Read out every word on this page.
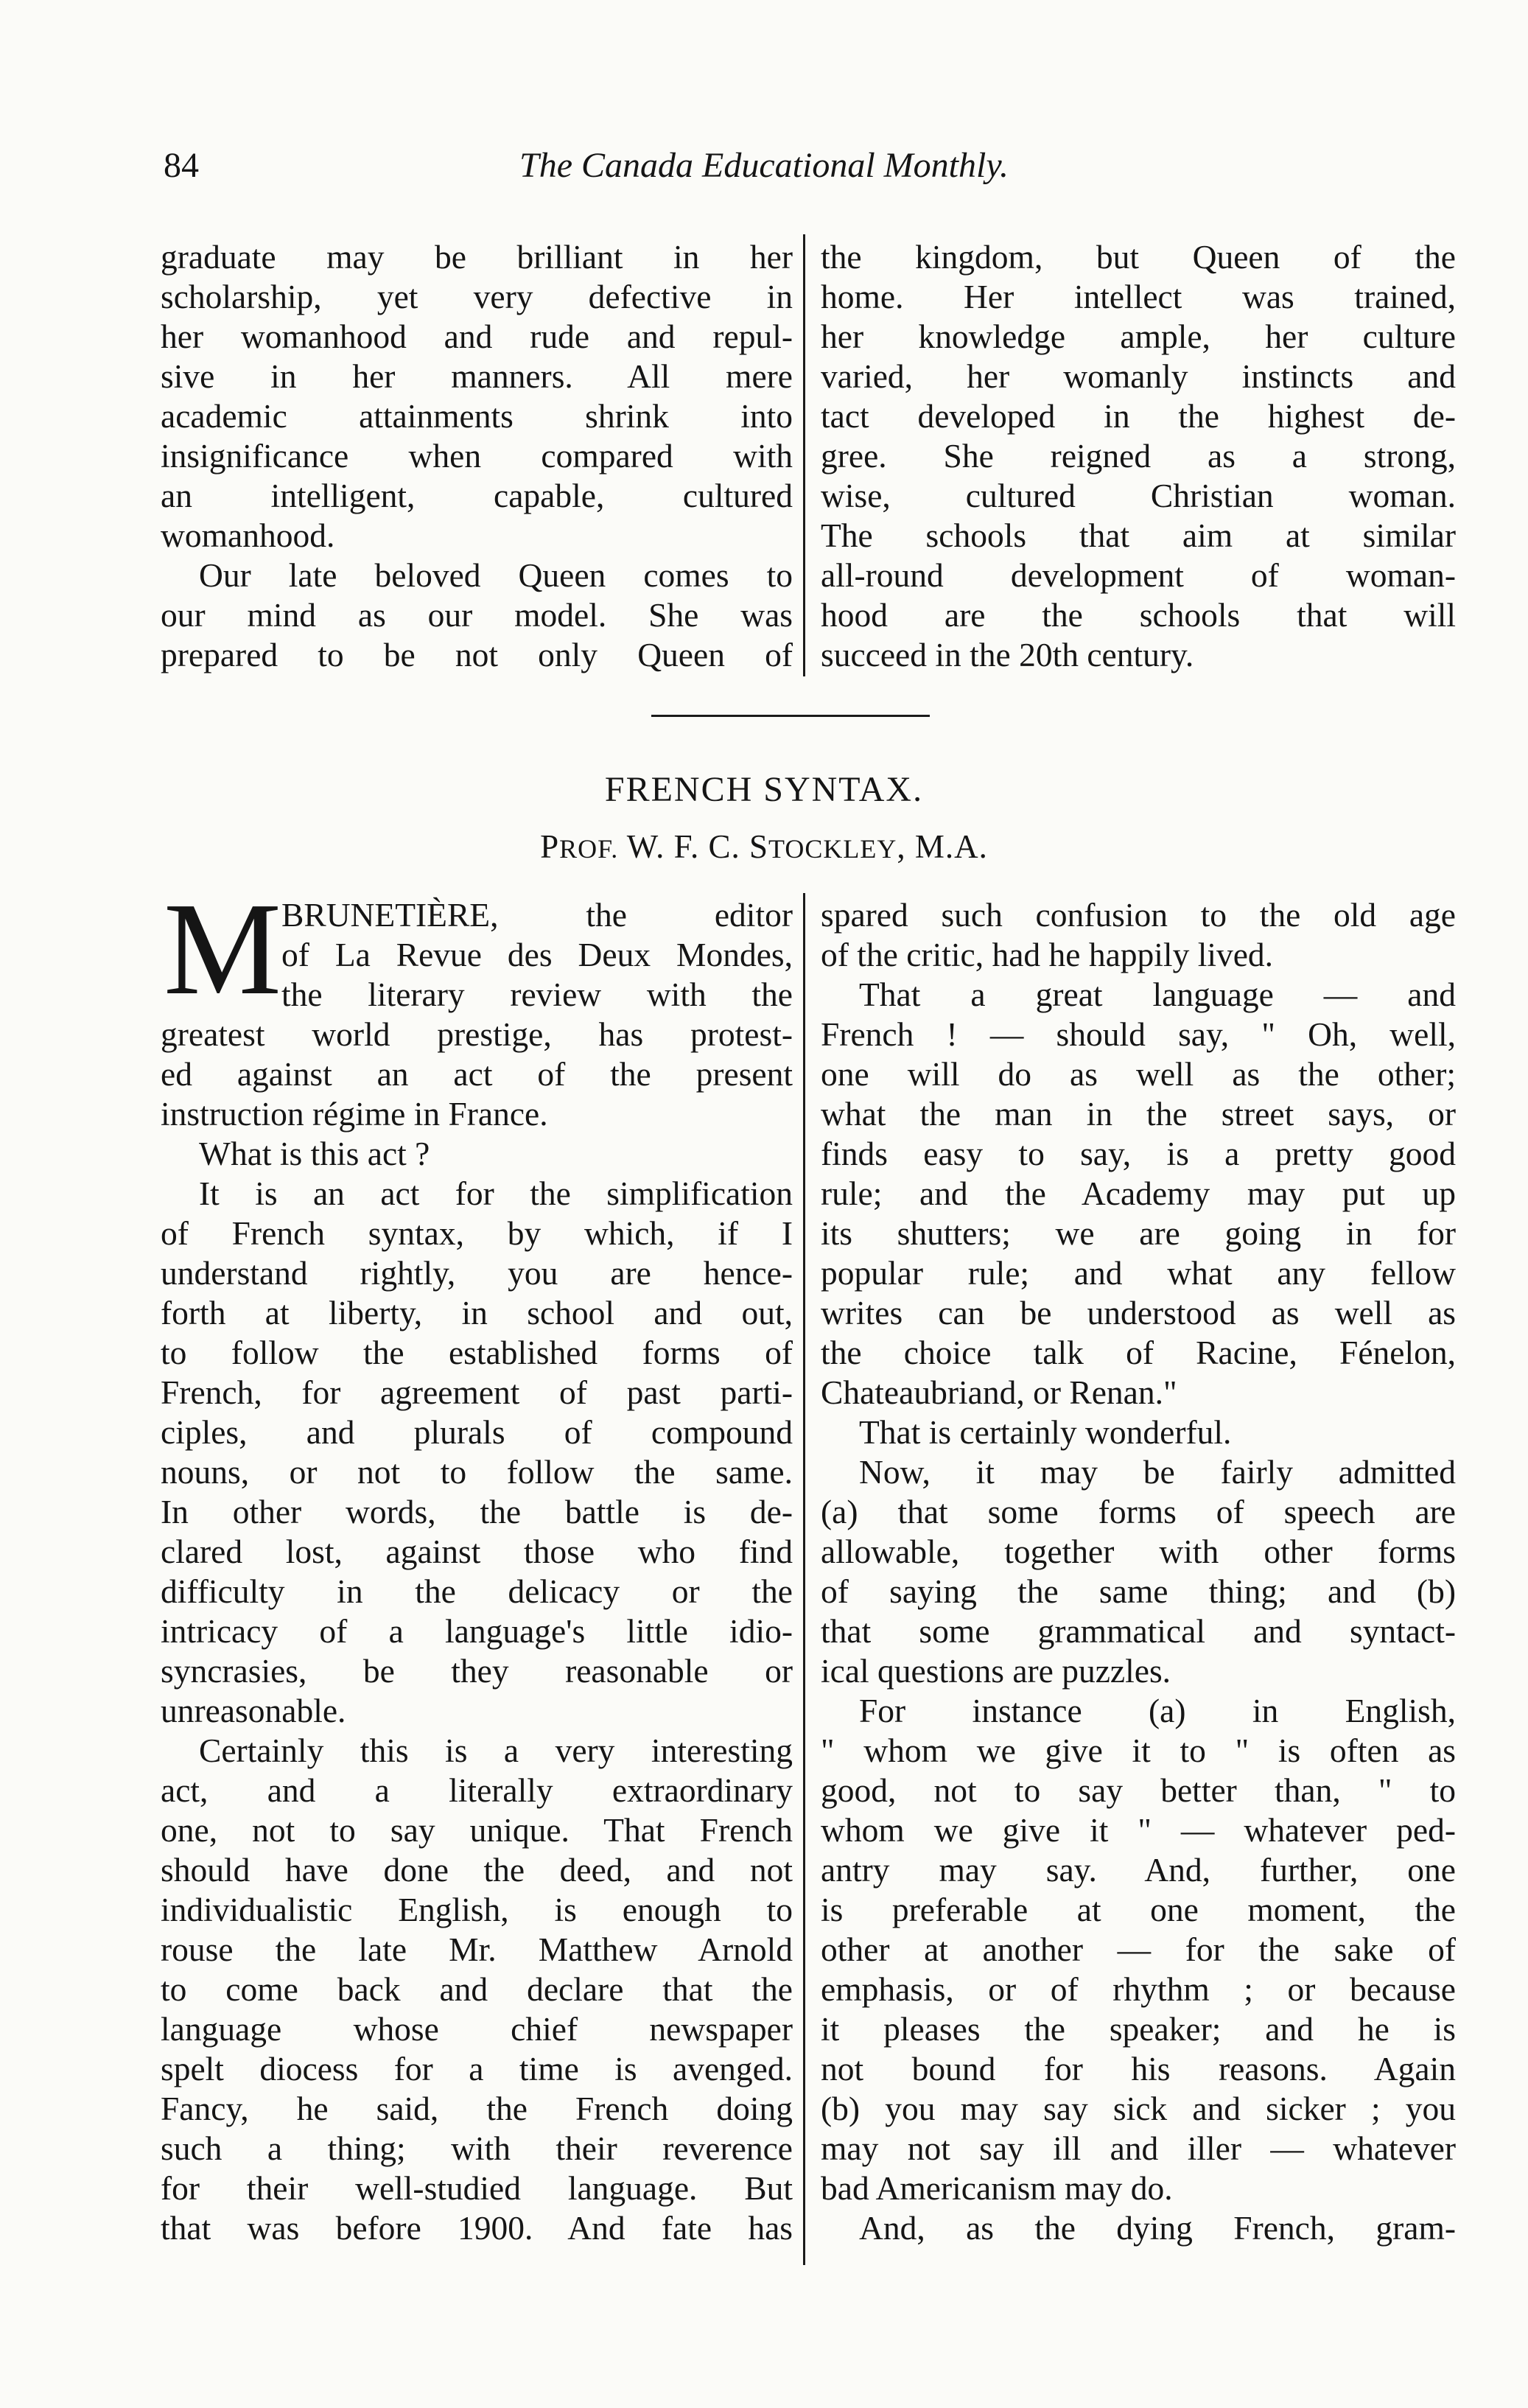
84	The Canada Educational Monthly.
graduate may be brilliant in her
scholarship, yet very defective in
her womanhood and rude and repul-
sive in her manners. All mere
academic attainments shrink into
insignificance when compared with
an intelligent, capable, cultured
womanhood.
Our late beloved Queen comes to
our mind as our model. She was
prepared to be not only Queen of
the kingdom, but Queen of the
home. Her intellect was trained,
her knowledge ample, her culture
varied, her womanly instincts and
tact developed in the highest de-
gree. She reigned as a strong,
wise, cultured Christian woman.
The schools that aim at similar
all-round development of woman-
hood are the schools that will
succeed in the 20th century.
FRENCH SYNTAX.
PROF. W. F. C. STOCKLEY, M.A.
M BRUNETIÈRE, the editor
of La Revue des Deux Mondes,
the literary review with the
greatest world prestige, has protest-
ed against an act of the present
instruction régime in France.
What is this act ?
It is an act for the simplification
of French syntax, by which, if I
understand rightly, you are hence-
forth at liberty, in school and out,
to follow the established forms of
French, for agreement of past parti-
ciples, and plurals of compound
nouns, or not to follow the same.
In other words, the battle is de-
clared lost, against those who find
difficulty in the delicacy or the
intricacy of a language's little idio-
syncrasies, be they reasonable or
unreasonable.
Certainly this is a very interesting
act, and a literally extraordinary
one, not to say unique. That French
should have done the deed, and not
individualistic English, is enough to
rouse the late Mr. Matthew Arnold
to come back and declare that the
language whose chief newspaper
spelt diocess for a time is avenged.
Fancy, he said, the French doing
such a thing; with their reverence
for their well-studied language. But
that was before 1900. And fate has
spared such confusion to the old age
of the critic, had he happily lived.
That a great language — and
French ! — should say, " Oh, well,
one will do as well as the other;
what the man in the street says, or
finds easy to say, is a pretty good
rule; and the Academy may put up
its shutters; we are going in for
popular rule; and what any fellow
writes can be understood as well as
the choice talk of Racine, Fénelon,
Chateaubriand, or Renan."
That is certainly wonderful.
Now, it may be fairly admitted
(a) that some forms of speech are
allowable, together with other forms
of saying the same thing; and (b)
that some grammatical and syntact-
ical questions are puzzles.
For instance (a) in English,
" whom we give it to " is often as
good, not to say better than, " to
whom we give it " — whatever ped-
antry may say. And, further, one
is preferable at one moment, the
other at another — for the sake of
emphasis, or of rhythm ; or because
it pleases the speaker; and he is
not bound for his reasons. Again
(b) you may say sick and sicker ; you
may not say ill and iller — whatever
bad Americanism may do.
And, as the dying French, gram-
